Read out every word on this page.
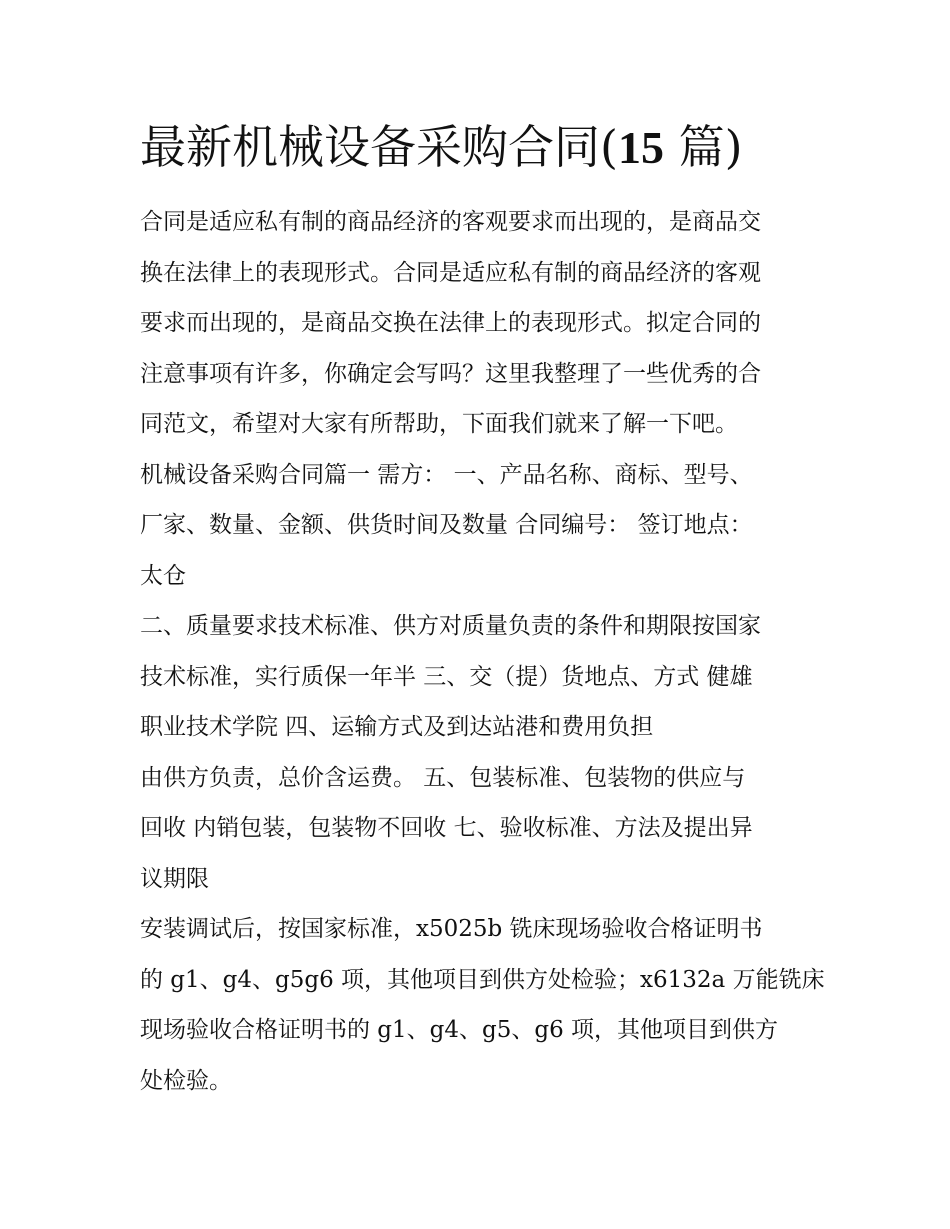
最新机械设备采购合同(15 篇)
合同是适应私有制的商品经济的客观要求而出现的，是商品交
换在法律上的表现形式。合同是适应私有制的商品经济的客观
要求而出现的，是商品交换在法律上的表现形式。拟定合同的
注意事项有许多，你确定会写吗？这里我整理了一些优秀的合
同范文，希望对大家有所帮助，下面我们就来了解一下吧。
机械设备采购合同篇一 需方： 一、产品名称、商标、型号、
厂家、数量、金额、供货时间及数量 合同编号： 签订地点：
太仓
二、质量要求技术标准、供方对质量负责的条件和期限按国家
技术标准，实行质保一年半 三、交（提）货地点、方式 健雄
职业技术学院 四、运输方式及到达站港和费用负担
由供方负责，总价含运费。 五、包装标准、包装物的供应与
回收 内销包装，包装物不回收 七、验收标准、方法及提出异
议期限
安装调试后，按国家标准，x5025b 铣床现场验收合格证明书
的 g1、g4、g5g6 项，其他项目到供方处检验；x6132a 万能铣床
现场验收合格证明书的 g1、g4、g5、g6 项，其他项目到供方
处检验。
